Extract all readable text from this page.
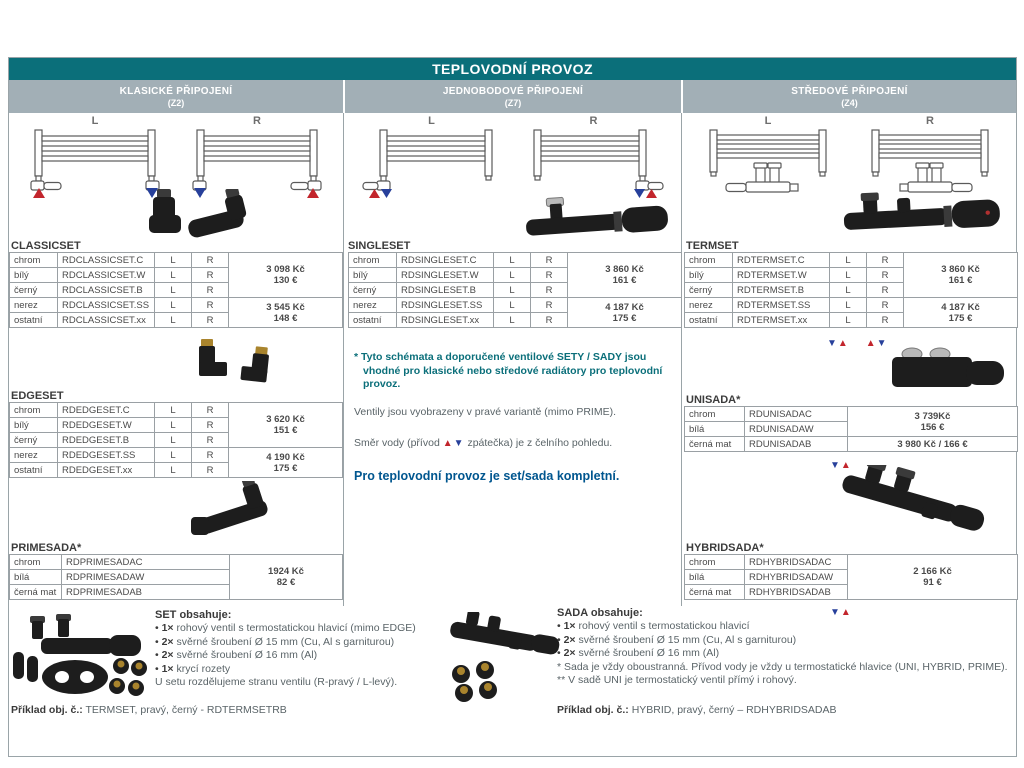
TEPLOVODNÍ PROVOZ
KLASICKÉ PŘIPOJENÍ
(Z2)
JEDNOBODOVÉ PŘIPOJENÍ
(Z7)
STŘEDOVÉ PŘIPOJENÍ
(Z4)
L	R
CLASSICSET
chrom	RDCLASSICSET.C	L	R	3 098 Kč
130 €

bílý	RDCLASSICSET.W	L	R	
černý	RDCLASSICSET.B	L	R	
nerez	RDCLASSICSET.SS	L	R	3 545 Kč
148 €

ostatní	RDCLASSICSET.xx	L	R	
EDGESET
chrom	RDEDGESET.C	L	R	3 620 Kč
151 €

bílý	RDEDGESET.W	L	R	
černý	RDEDGESET.B	L	R	
nerez	RDEDGESET.SS	L	R	4 190 Kč
175 €

ostatní	RDEDGESET.xx	L	R	
PRIMESADA*
chrom	RDPRIMESADAC	1924 Kč
82 €

bílá	RDPRIMESADAW	
černá mat	RDPRIMESADAB	
L	R
SINGLESET
chrom	RDSINGLESET.C	L	R	3 860 Kč
161 €

bílý	RDSINGLESET.W	L	R	
černý	RDSINGLESET.B	L	R	
nerez	RDSINGLESET.SS	L	R	4 187 Kč
175 €

ostatní	RDSINGLESET.xx	L	R	

* Tyto schémata a doporučené ventilové SETY / SADY jsou vhodné pro klasické nebo středové radiátory pro teplovodní provoz.

Ventily jsou vyobrazeny v pravé variantě (mimo PRIME).

Směr vody (přívod ▲▼ zpátečka) je z čelního pohledu.

Pro teplovodní provoz je set/sada kompletní.

L	R
TERMSET
chrom	RDTERMSET.C	L	R	3 860 Kč
161 €

bílý	RDTERMSET.W	L	R	
černý	RDTERMSET.B	L	R	
nerez	RDTERMSET.SS	L	R	4 187 Kč
175 €

ostatní	RDTERMSET.xx	L	R	
▼▲ ▲▼
UNISADA*
chrom	RDUNISADAC	3 739Kč
156 €

bílá	RDUNISADAW	
černá mat	RDUNISADAB	3 980 Kč / 166 €
▼▲
HYBRIDSADA*
chrom	RDHYBRIDSADAC	2 166 Kč
91 €

bílá	RDHYBRIDSADAW	
černá mat	RDHYBRIDSADAB	
▼▲
SET obsahuje:
• 1× rohový ventil s termostatickou hlavicí (mimo EDGE)
• 2× svěrné šroubení Ø 15 mm (Cu, Al s garniturou)
• 2× svěrné šroubení Ø 16 mm (Al)
• 1× krycí rozety
U setu rozdělujeme stranu ventilu (R-pravý / L-levý).
Příklad obj. č.: TERMSET, pravý, černý - RDTERMSETRB
SADA obsahuje:
• 1× rohový ventil s termostatickou hlavicí
• 2× svěrné šroubení Ø 15 mm (Cu, Al s garniturou)
• 2× svěrné šroubení Ø 16 mm (Al)
* Sada je vždy oboustranná. Přívod vody je vždy u termostatické hlavice (UNI, HYBRID, PRIME).
** V sadě UNI je termostatický ventil přímý i rohový.
Příklad obj. č.: HYBRID, pravý, černý – RDHYBRIDSADAB
